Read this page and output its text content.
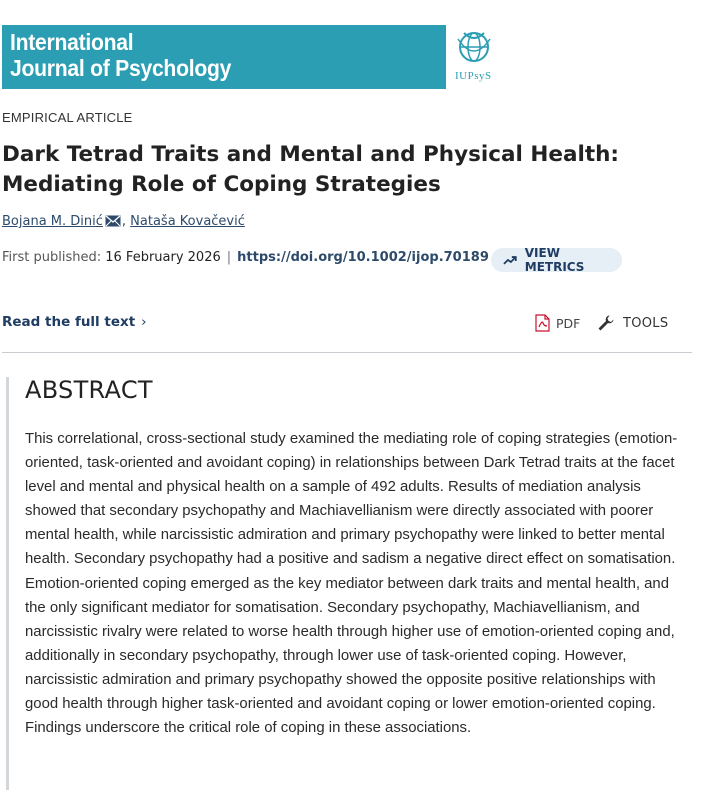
International
Journal of Psychology	IUPsyS
EMPIRICAL ARTICLE
Dark Tetrad Traits and Mental and Physical Health: Mediating Role of Coping Strategies
Bojana M. Dinić , Nataša Kovačević
First published: 16 February 2026 | https://doi.org/10.1002/ijop.70189	VIEW METRICS
Read the full text ›	PDF	TOOLS
ABSTRACT

This correlational, cross-sectional study examined the mediating role of coping strategies (emotion-oriented, task-oriented and avoidant coping) in relationships between Dark Tetrad traits at the facet level and mental and physical health on a sample of 492 adults. Results of mediation analysis showed that secondary psychopathy and Machiavellianism were directly associated with poorer mental health, while narcissistic admiration and primary psychopathy were linked to better mental health. Secondary psychopathy had a positive and sadism a negative direct effect on somatisation. Emotion-oriented coping emerged as the key mediator between dark traits and mental health, and the only significant mediator for somatisation. Secondary psychopathy, Machiavellianism, and narcissistic rivalry were related to worse health through higher use of emotion-oriented coping and, additionally in secondary psychopathy, through lower use of task-oriented coping. However, narcissistic admiration and primary psychopathy showed the opposite positive relationships with good health through higher task-oriented and avoidant coping or lower emotion-oriented coping. Findings underscore the critical role of coping in these associations.
